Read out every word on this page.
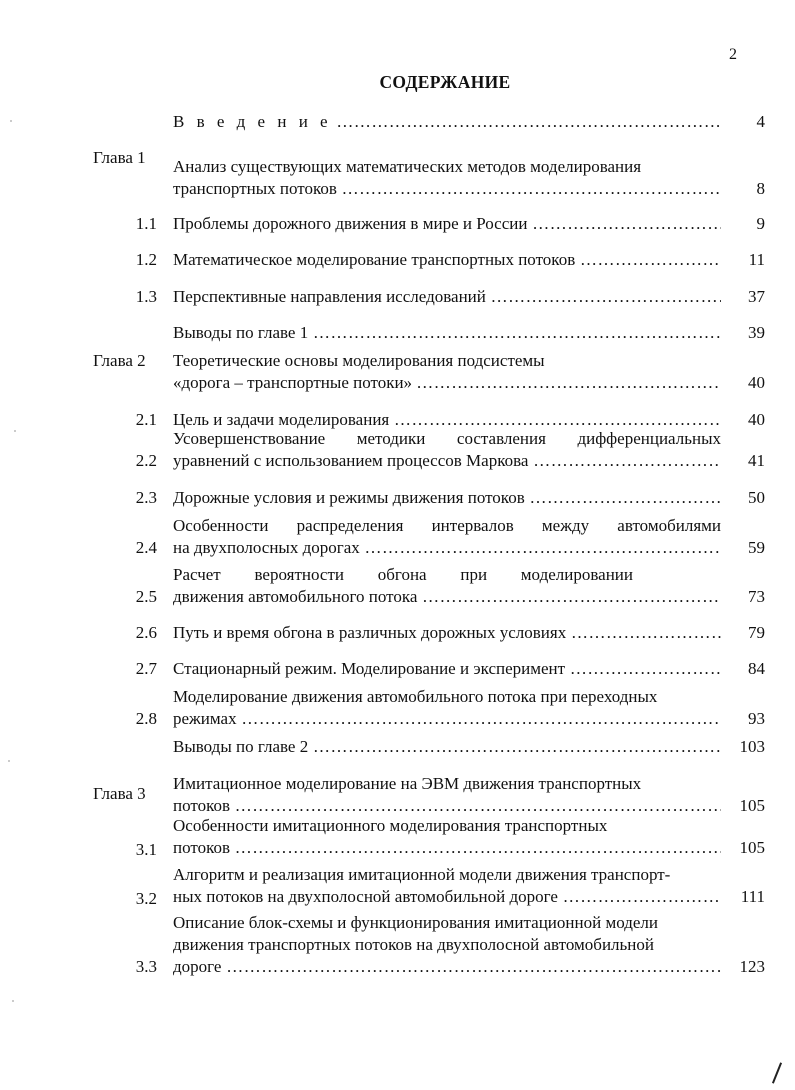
2
СОДЕРЖАНИЕ
В в е д е н и е ………………………………………………………………………………………………………………………………………………………………………………………………	4
Глава 1 Анализ существующих математических методов моделирования
транспортных потоков ………………………………………………………………………………………………………………………………………………………………………………………………	8
1.1 Проблемы дорожного движения в мире и России ………………………………………………………………………………………………………………………………………………………………………………………………	9
1.2 Математическое моделирование транспортных потоков ………………………………………………………………………………………………………………………………………………………………………………………………	11
1.3 Перспективные направления исследований ………………………………………………………………………………………………………………………………………………………………………………………………	37
Выводы по главе 1 ………………………………………………………………………………………………………………………………………………………………………………………………	39
Глава 2 Теоретические основы моделирования подсистемы
«дорога – транспортные потоки» ………………………………………………………………………………………………………………………………………………………………………………………………	40
2.1 Цель и задачи моделирования ………………………………………………………………………………………………………………………………………………………………………………………………	40
2.2
Усовершенствование методики составления дифференциальных
уравнений с использованием процессов Маркова ………………………………………………………………………………………………………………………………………………………………………………………………	41
2.3 Дорожные условия и режимы движения потоков ………………………………………………………………………………………………………………………………………………………………………………………………	50
2.4
Особенности распределения интервалов между автомобилями
на двухполосных дорогах ………………………………………………………………………………………………………………………………………………………………………………………………	59
2.5
Расчет вероятности обгона при моделировании
движения автомобильного потока ………………………………………………………………………………………………………………………………………………………………………………………………	73
2.6 Путь и время обгона в различных дорожных условиях ………………………………………………………………………………………………………………………………………………………………………………………………	79
2.7 Стационарный режим. Моделирование и эксперимент ………………………………………………………………………………………………………………………………………………………………………………………………	84
2.8
Моделирование движения автомобильного потока при переходных
режимах ………………………………………………………………………………………………………………………………………………………………………………………………	93
Выводы по главе 2 ………………………………………………………………………………………………………………………………………………………………………………………………	103
Глава 3
Имитационное моделирование на ЭВМ движения транспортных
потоков ………………………………………………………………………………………………………………………………………………………………………………………………	105
3.1
Особенности имитационного моделирования транспортных
потоков ………………………………………………………………………………………………………………………………………………………………………………………………	105
3.2
Алгоритм и реализация имитационной модели движения транспорт-
ных потоков на двухполосной автомобильной дороге ………………………………………………………………………………………………………………………………………………………………………………………………	111
3.3
Описание блок-схемы и функционирования имитационной модели
движения транспортных потоков на двухполосной автомобильной
дороге ………………………………………………………………………………………………………………………………………………………………………………………………	123
